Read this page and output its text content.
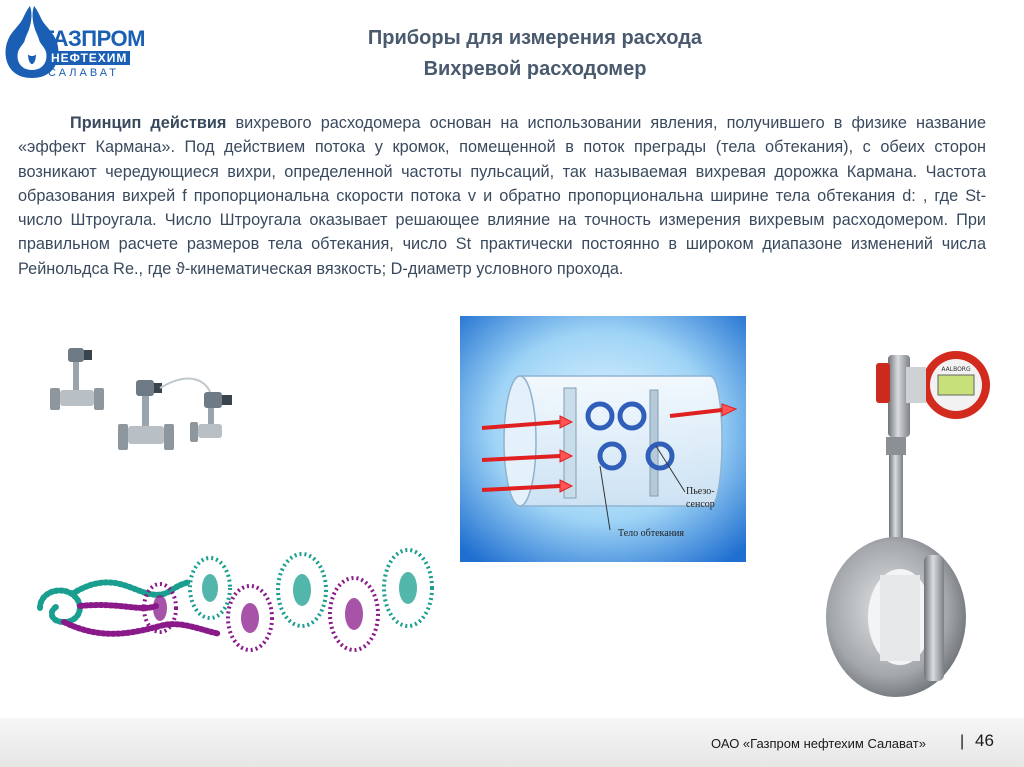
ГАЗПРОМ
НЕФТЕХИМ
САЛАВАТ
Приборы для измерения расхода
Вихревой расходомер
Принцип действия вихревого расходомера основан на использовании явления, получившего в физике название «эффект Кармана». Под действием потока у кромок, помещенной в поток преграды (тела обтекания), с обеих сторон возникают чередующиеся вихри, определенной частоты пульсаций, так называемая вихревая дорожка Кармана. Частота образования вихрей f пропорциональна скорости потока v и обратно пропорциональна ширине тела обтекания d: , где St-число Штроугала. Число Штроугала оказывает решающее влияние на точность измерения вихревым расходомером. При правильном расчете размеров тела обтекания, число St практически постоянно в широком диапазоне изменений числа Рейнольдса Re., где ϑ-кинематическая вязкость; D-диаметр условного прохода.
Пьезо-
сенсор
Тело обтекания
AALBORG
ОАО «Газпром нефтехим Салават» | 46
